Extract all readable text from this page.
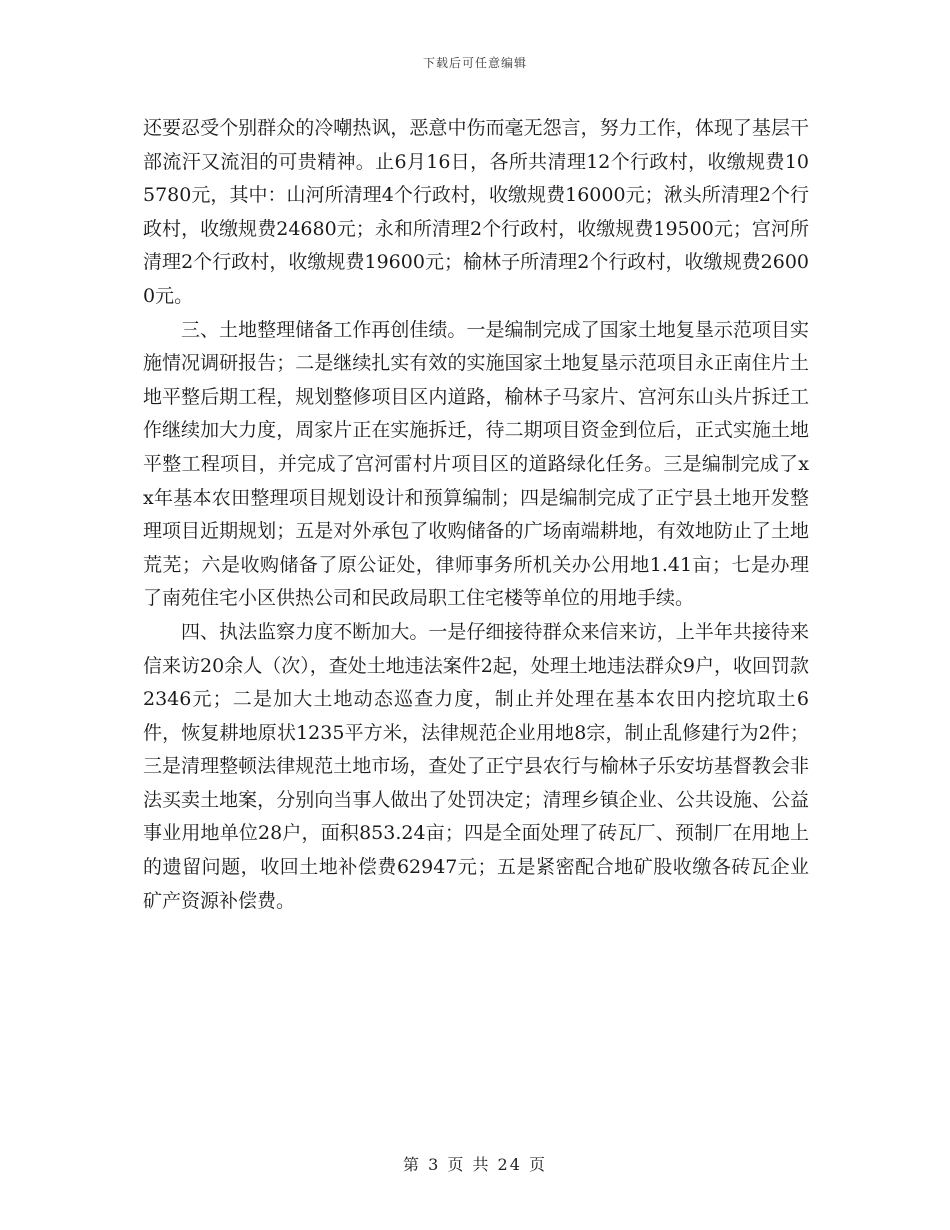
下载后可任意编辑

还要忍受个别群众的冷嘲热讽，恶意中伤而毫无怨言，努力工作，体现了基层干部流汗又流泪的可贵精神。止6月16日，各所共清理12个行政村，收缴规费105780元，其中：山河所清理4个行政村，收缴规费16000元；湫头所清理2个行政村，收缴规费24680元；永和所清理2个行政村，收缴规费19500元；宫河所清理2个行政村，收缴规费19600元；榆林子所清理2个行政村，收缴规费26000元。

三、土地整理储备工作再创佳绩。一是编制完成了国家土地复垦示范项目实施情况调研报告；二是继续扎实有效的实施国家土地复垦示范项目永正南住片土地平整后期工程，规划整修项目区内道路，榆林子马家片、宫河东山头片拆迁工作继续加大力度，周家片正在实施拆迁，待二期项目资金到位后，正式实施土地平整工程项目，并完成了宫河雷村片项目区的道路绿化任务。三是编制完成了xx年基本农田整理项目规划设计和预算编制；四是编制完成了正宁县土地开发整理项目近期规划；五是对外承包了收购储备的广场南端耕地，有效地防止了土地荒芜；六是收购储备了原公证处，律师事务所机关办公用地1.41亩；七是办理了南苑住宅小区供热公司和民政局职工住宅楼等单位的用地手续。

四、执法监察力度不断加大。一是仔细接待群众来信来访，上半年共接待来信来访20余人（次），查处土地违法案件2起，处理土地违法群众9户，收回罚款2346元；二是加大土地动态巡查力度，制止并处理在基本农田内挖坑取土6件，恢复耕地原状1235平方米，法律规范企业用地8宗，制止乱修建行为2件；三是清理整顿法律规范土地市场，查处了正宁县农行与榆林子乐安坊基督教会非法买卖土地案，分别向当事人做出了处罚决定；清理乡镇企业、公共设施、公益事业用地单位28户，面积853.24亩；四是全面处理了砖瓦厂、预制厂在用地上的遗留问题，收回土地补偿费62947元；五是紧密配合地矿股收缴各砖瓦企业矿产资源补偿费。

第 3 页 共 24 页
